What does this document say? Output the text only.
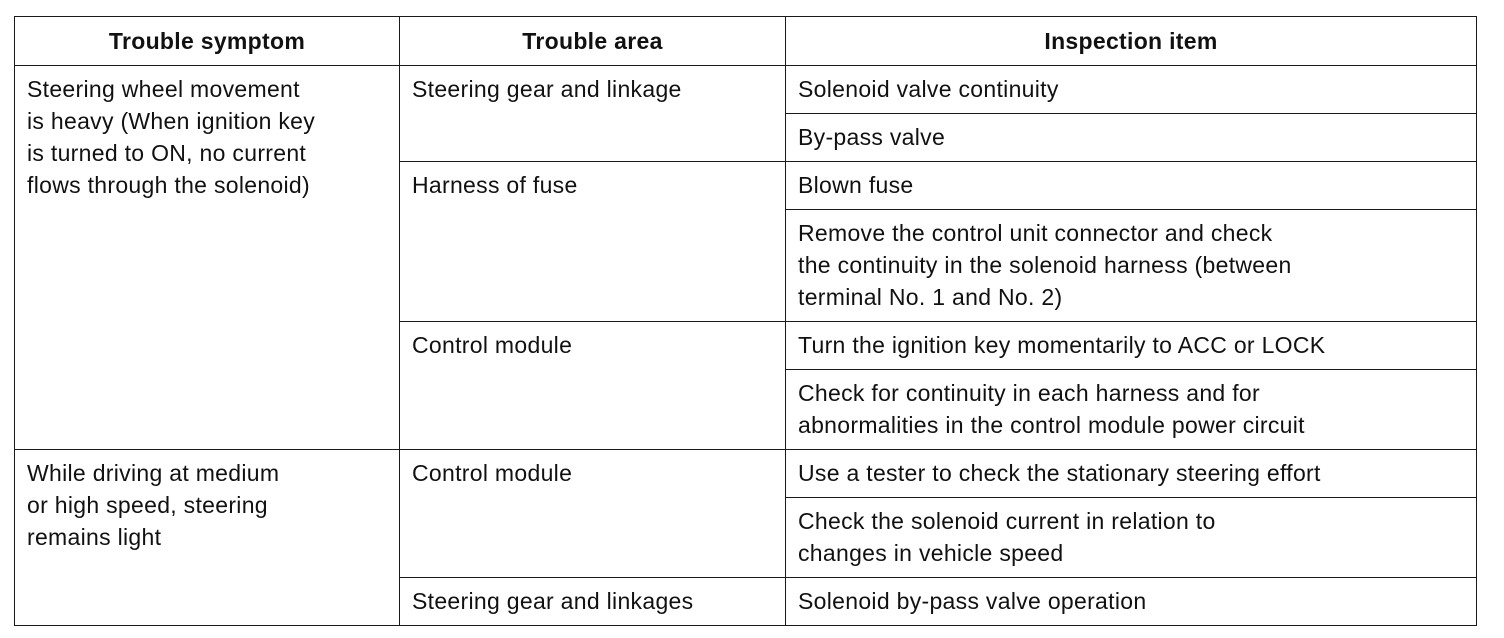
Trouble symptom	Trouble area	Inspection item

Steering wheel movement
is heavy (When ignition key
is turned to ON, no current
flows through the solenoid)	Steering gear and linkage	Solenoid valve continuity

		By-pass valve

	Harness of fuse	Blown fuse

		Remove the control unit connector and check
the continuity in the solenoid harness (between
terminal No. 1 and No. 2)

	Control module	Turn the ignition key momentarily to ACC or LOCK

		Check for continuity in each harness and for
abnormalities in the control module power circuit

While driving at medium
or high speed, steering
remains light	Control module	Use a tester to check the stationary steering effort

		Check the solenoid current in relation to
changes in vehicle speed

	Steering gear and linkages	Solenoid by-pass valve operation
